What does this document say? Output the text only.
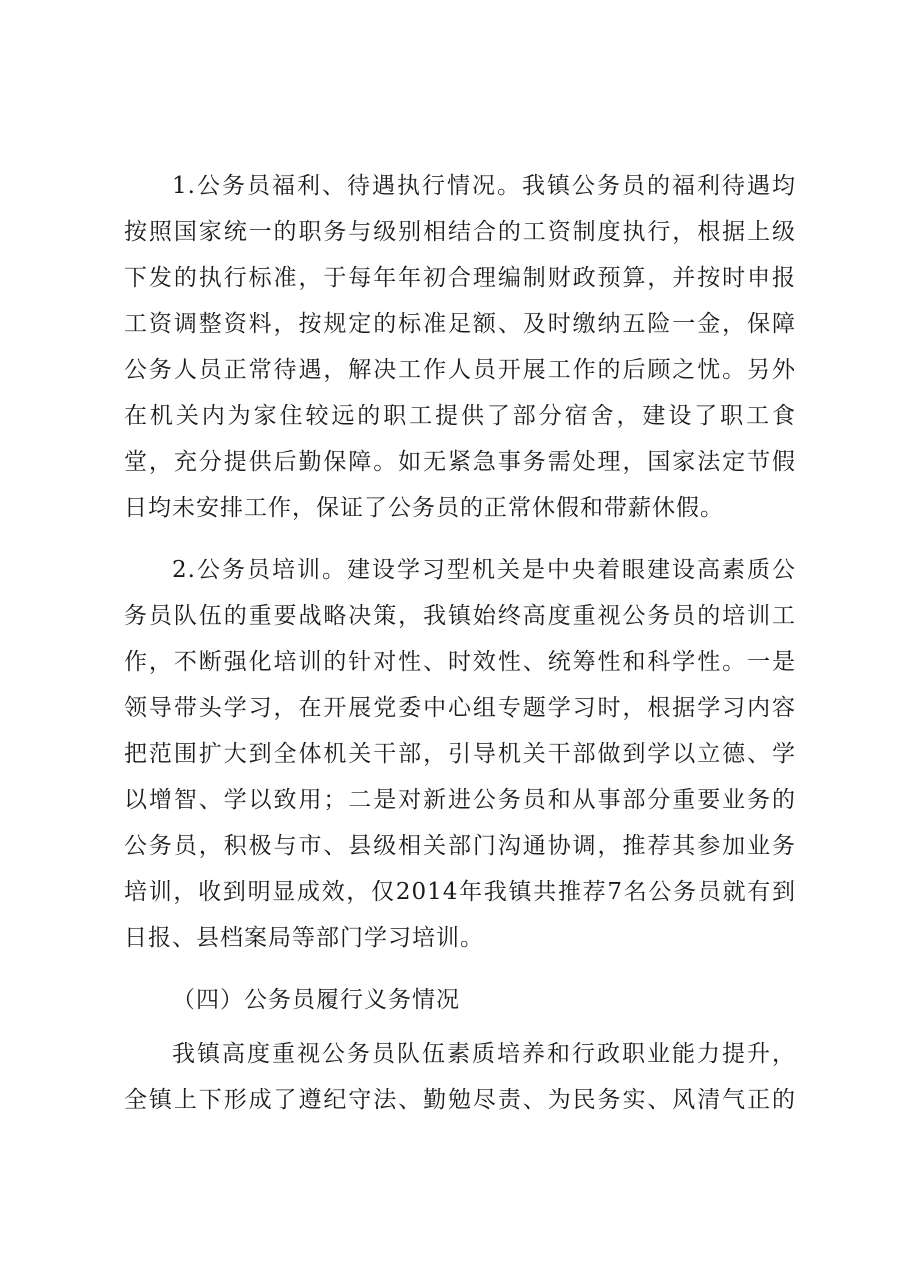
1.公务员福利、待遇执行情况。我镇公务员的福利待遇均
按照国家统一的职务与级别相结合的工资制度执行，根据上级
下发的执行标准，于每年年初合理编制财政预算，并按时申报
工资调整资料，按规定的标准足额、及时缴纳五险一金，保障
公务人员正常待遇，解决工作人员开展工作的后顾之忧。另外
在机关内为家住较远的职工提供了部分宿舍，建设了职工食
堂，充分提供后勤保障。如无紧急事务需处理，国家法定节假
日均未安排工作，保证了公务员的正常休假和带薪休假。
2.公务员培训。建设学习型机关是中央着眼建设高素质公
务员队伍的重要战略决策，我镇始终高度重视公务员的培训工
作，不断强化培训的针对性、时效性、统筹性和科学性。一是
领导带头学习，在开展党委中心组专题学习时，根据学习内容
把范围扩大到全体机关干部，引导机关干部做到学以立德、学
以增智、学以致用；二是对新进公务员和从事部分重要业务的
公务员，积极与市、县级相关部门沟通协调，推荐其参加业务
培训，收到明显成效，仅2014年我镇共推荐7名公务员就有到
日报、县档案局等部门学习培训。
（四）公务员履行义务情况
我镇高度重视公务员队伍素质培养和行政职业能力提升，
全镇上下形成了遵纪守法、勤勉尽责、为民务实、风清气正的
